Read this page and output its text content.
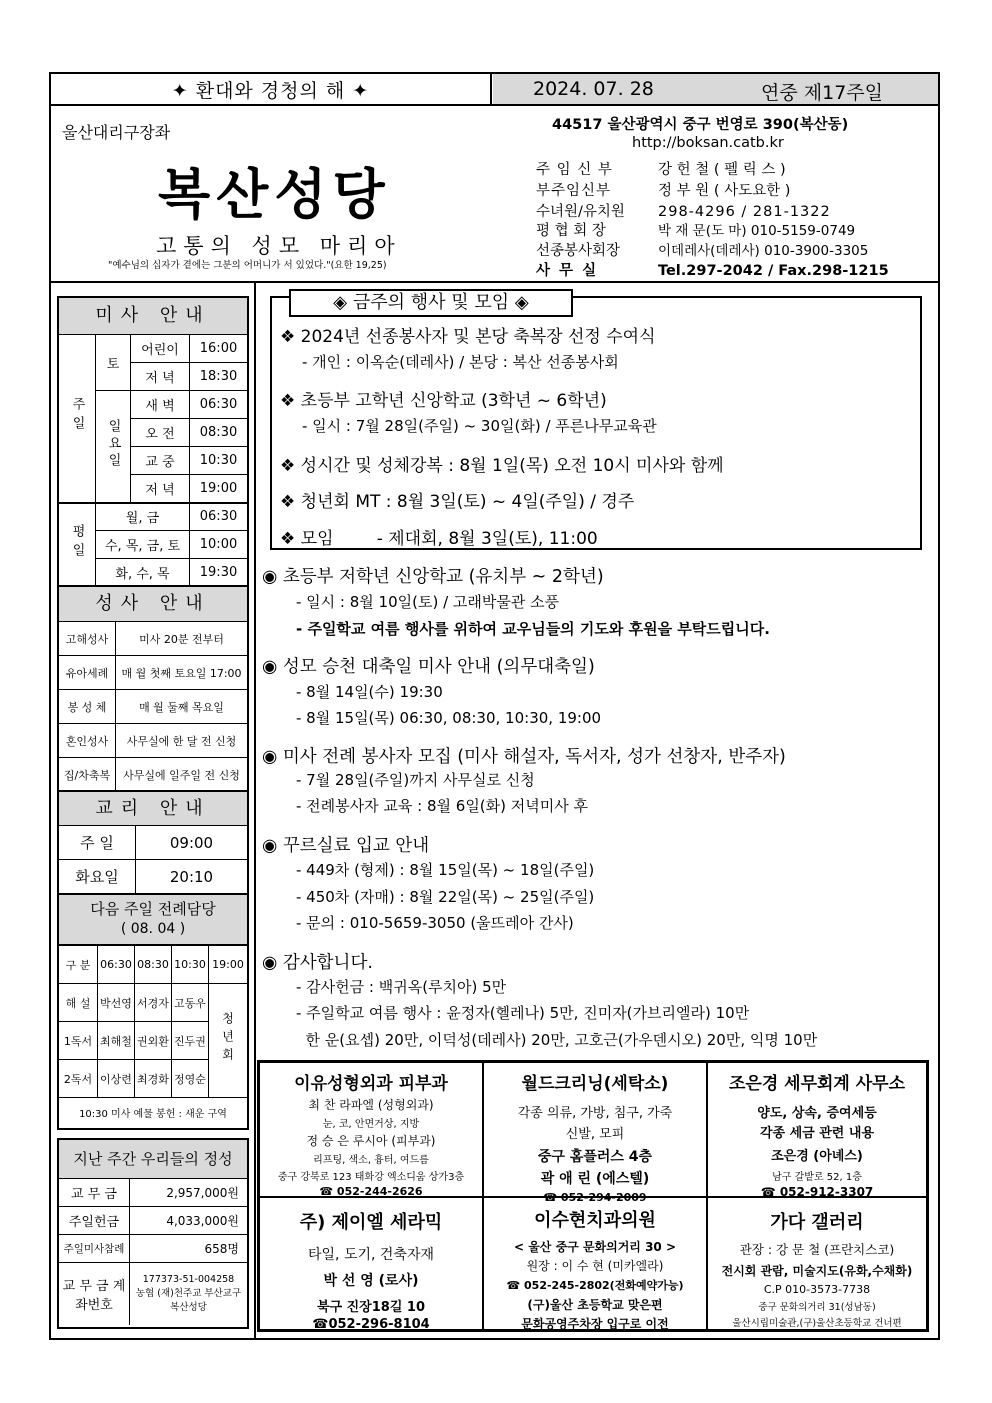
✦ 환대와 경청의 해 ✦	2024. 07. 28	연중 제17주일
울산대리구장좌
복산성당
고통의 성모 마리아
"예수님의 십자가 곁에는 그분의 어머니가 서 있었다."(요한 19,25)
44517 울산광역시 중구 번영로 390(복산동)
http://boksan.catb.kr
주 임 신 부	강 헌 철 ( 펠 릭 스 )
부주임신부	정 부 원 ( 사도요한 )
수녀원/유치원 298-4296 / 281-1322
평 협 회 장	박 재 문(도 마) 010-5159-0749
선종봉사회장	이데레사(데레사) 010-3900-3305
사 무 실	Tel.297-2042 / Fax.298-1215
미사 안내
주일	토	어린이	16:00
		저 녁	18:30
	일요일	새 벽	06:30
		오 전	08:30
		교 중	10:30
		저 녁	19:00
평일	월, 금		06:30
	수, 목, 금, 토		10:00
	화, 수, 목		19:30
성사 안내
고해성사	미사 20분 전부터
유아세례	매 월 첫째 토요일 17:00
봉 성 체	매 월 둘째 목요일
혼인성사	사무실에 한 달 전 신청
집/차축복	사무실에 일주일 전 신청
교리 안내
주 일	09:00
화요일	20:10
다음 주일 전례담당
( 08. 04 )
구 분	06:30	08:30	10:30	19:00
해 설	박선영	서경자	고동우	청년회
1독서	최해철	권외환	진두권	
2독서	이상련	최경화	정영순	
10:30 미사 예물 봉헌 : 새운 구역				
지난 주간 우리들의 정성
교 무 금	2,957,000원
주일헌금	4,033,000원
주일미사참례	658명
교 무 금 계좌번호	177373-51-004258
농협 (재)천주교 부산교구
복산성당
❖ 2024년 선종봉사자 및 본당 축복장 선정 수여식
- 개인 : 이옥순(데레사) / 본당 : 복산 선종봉사회
❖ 초등부 고학년 신앙학교 (3학년 ~ 6학년)
- 일시 : 7월 28일(주일) ~ 30일(화) / 푸른나무교육관
❖ 성시간 및 성체강복 : 8월 1일(목) 오전 10시 미사와 함께
❖ 청년회 MT : 8월 3일(토) ~ 4일(주일) / 경주
❖ 모임        - 제대회, 8월 3일(토), 11:00
◈ 금주의 행사 및 모임 ◈
◉ 초등부 저학년 신앙학교 (유치부 ~ 2학년)
- 일시 : 8월 10일(토) / 고래박물관 소풍
- 주일학교 여름 행사를 위하여 교우님들의 기도와 후원을 부탁드립니다.
◉ 성모 승천 대축일 미사 안내 (의무대축일)
- 8월 14일(수) 19:30
- 8월 15일(목) 06:30, 08:30, 10:30, 19:00
◉ 미사 전례 봉사자 모집 (미사 해설자, 독서자, 성가 선창자, 반주자)
- 7월 28일(주일)까지 사무실로 신청
- 전례봉사자 교육 : 8월 6일(화) 저녁미사 후
◉ 꾸르실료 입교 안내
- 449차 (형제) : 8월 15일(목) ~ 18일(주일)
- 450차 (자매) : 8월 22일(목) ~ 25일(주일)
- 문의 : 010-5659-3050 (울뜨레아 간사)
◉ 감사합니다.
- 감사헌금 : 백귀옥(루치아) 5만
- 주일학교 여름 행사 : 윤정자(헬레나) 5만, 진미자(가브리엘라) 10만
한 운(요셉) 20만, 이덕성(데레사) 20만, 고호근(가우덴시오) 20만, 익명 10만
이유성형외과 피부과
최 찬 라파엘 (성형외과)
눈, 코, 안면거상, 지방
정 승 은 루시아 (피부과)
리프팅, 색소, 흉터, 여드름
중구 강북로 123 태화강 엑소디움 상가3층
☎ 052-244-2626
월드크리닝(세탁소)
각종 의류, 가방, 침구, 가죽
신발, 모피
중구 홈플러스 4층
곽 애 린 (에스텔)
☎ 052-294-2009
조은경 세무회계 사무소
양도, 상속, 증여세등
각종 세금 관련 내용
조은경 (아녜스)
남구 갈밭로 52, 1층
☎ 052-912-3307
주) 제이엘 세라믹
타일, 도기, 건축자재
박 선 영 (로사)
북구 진장18길 10
☎052-296-8104
이수현치과의원
< 울산 중구 문화의거리 30 >
원장 : 이 수 현 (미카엘라)
☎ 052-245-2802(전화예약가능)
(구)울산 초등학교 맞은편
문화공영주차장 입구로 이전
가다 갤러리
관장 : 강 문 철 (프란치스코)
전시회 관람, 미술지도(유화,수채화)
C.P 010-3573-7738
중구 문화의거리 31(성남동)
울산시립미술관,(구)울산초등학교 건너편
